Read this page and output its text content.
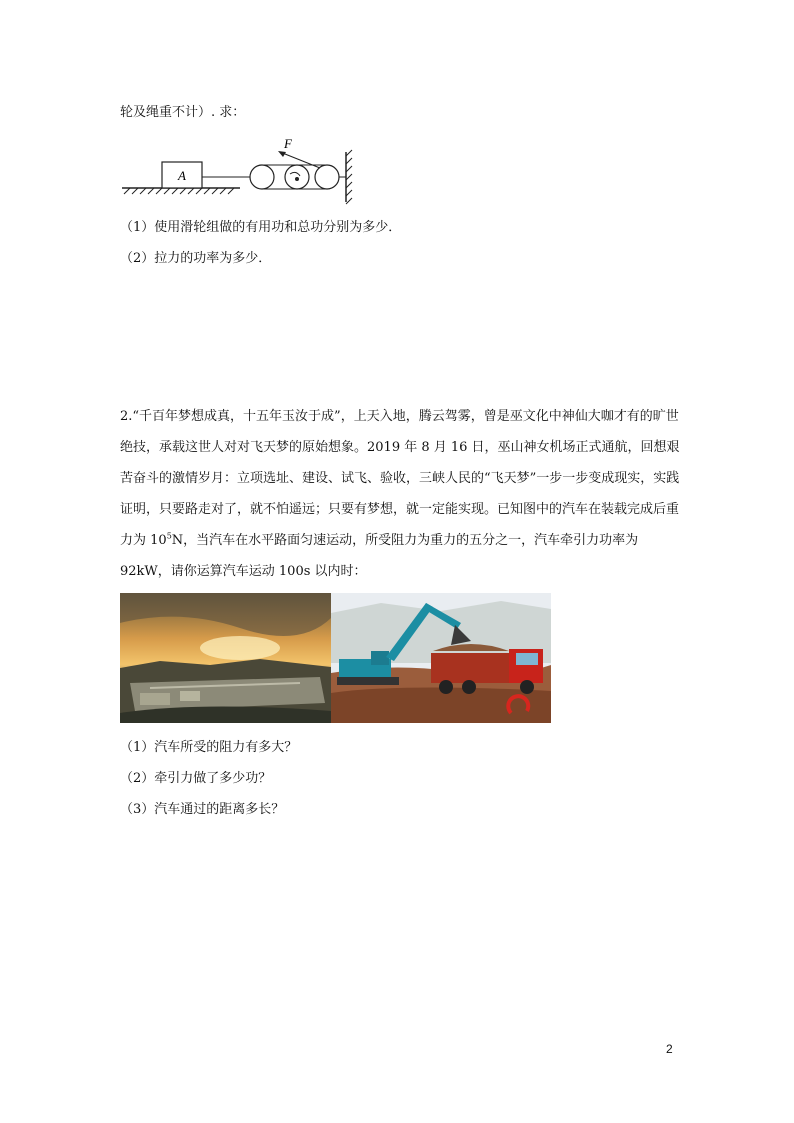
轮及绳重不计）. 求：
A
F
（1）使用滑轮组做的有用功和总功分别为多少．
（2）拉力的功率为多少．
2.“千百年梦想成真，十五年玉汝于成”，上天入地，腾云驾雾，曾是巫文化中神仙大咖才有的旷世绝技，承载这世人对对飞天梦的原始想象。2019 年 8 月 16 日，巫山神女机场正式通航，回想艰苦奋斗的激情岁月：立项选址、建设、试飞、验收，三峡人民的“飞天梦”一步一步变成现实，实践证明，只要路走对了，就不怕遥远；只要有梦想，就一定能实现。已知图中的汽车在装载完成后重力为 $10^5N$，当汽车在水平路面匀速运动，所受阻力为重力的五分之一，汽车牵引力功率为 92kW，请你运算汽车运动 100s 以内时：
（1）汽车所受的阻力有多大？
（2）牵引力做了多少功？
（3）汽车通过的距离多长？
2
